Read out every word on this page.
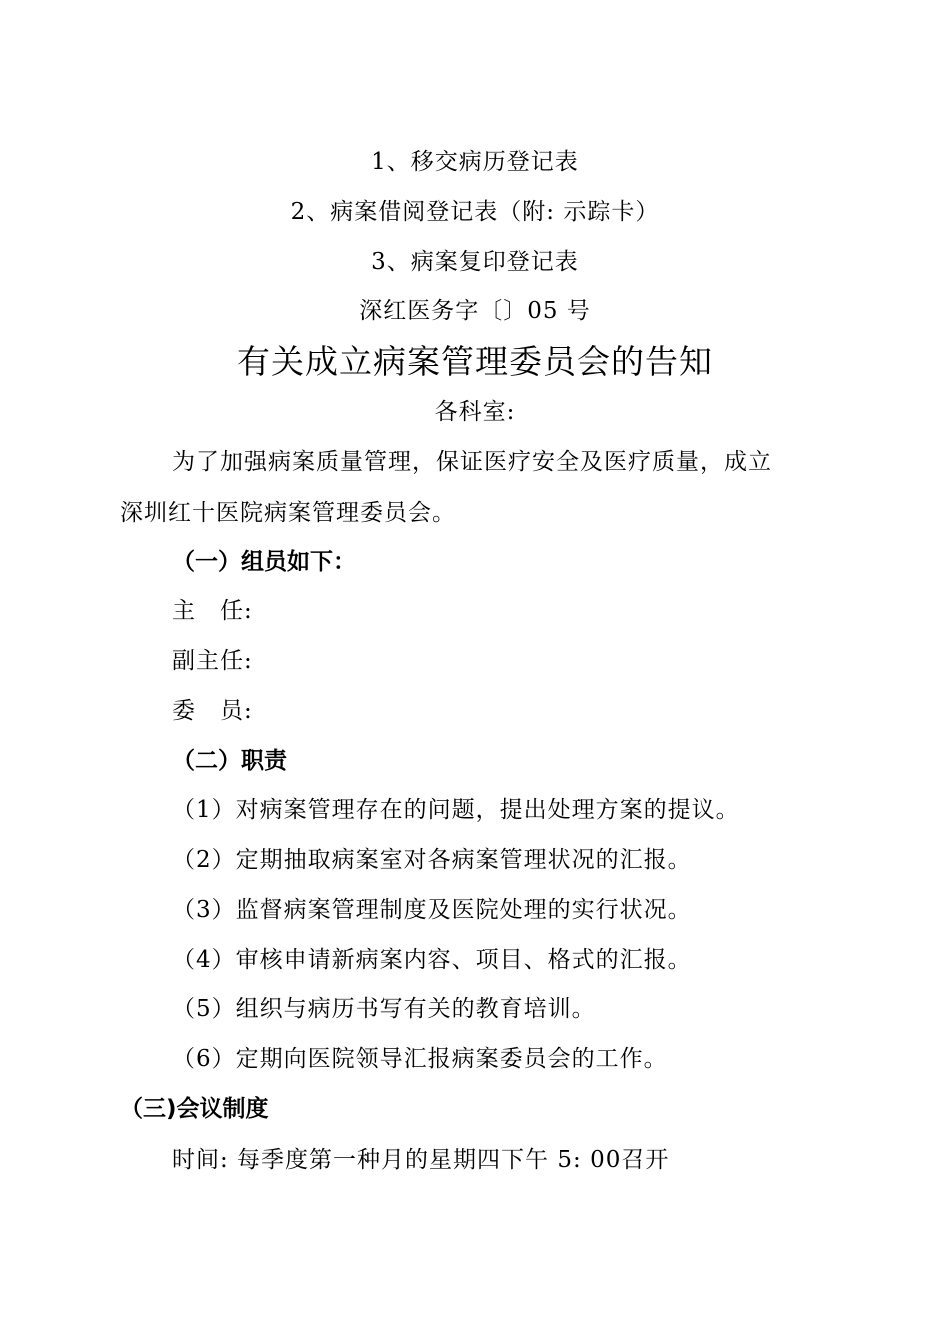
1、移交病历登记表
2、病案借阅登记表（附: 示踪卡）
3、病案复印登记表
深红医务字〔〕05 号
有关成立病案管理委员会的告知
各科室:
为了加强病案质量管理，保证医疗安全及医疗质量，成立
深圳红十医院病案管理委员会。
（一）组员如下：
主　任:
副主任:
委　员:
（二）职责
（1）对病案管理存在的问题，提出处理方案的提议。
（2）定期抽取病案室对各病案管理状况的汇报。
（3）监督病案管理制度及医院处理的实行状况。
（4）审核申请新病案内容、项目、格式的汇报。
（5）组织与病历书写有关的教育培训。
（6）定期向医院领导汇报病案委员会的工作。
（三)会议制度
时间: 每季度第一种月的星期四下午 5: 00召开
